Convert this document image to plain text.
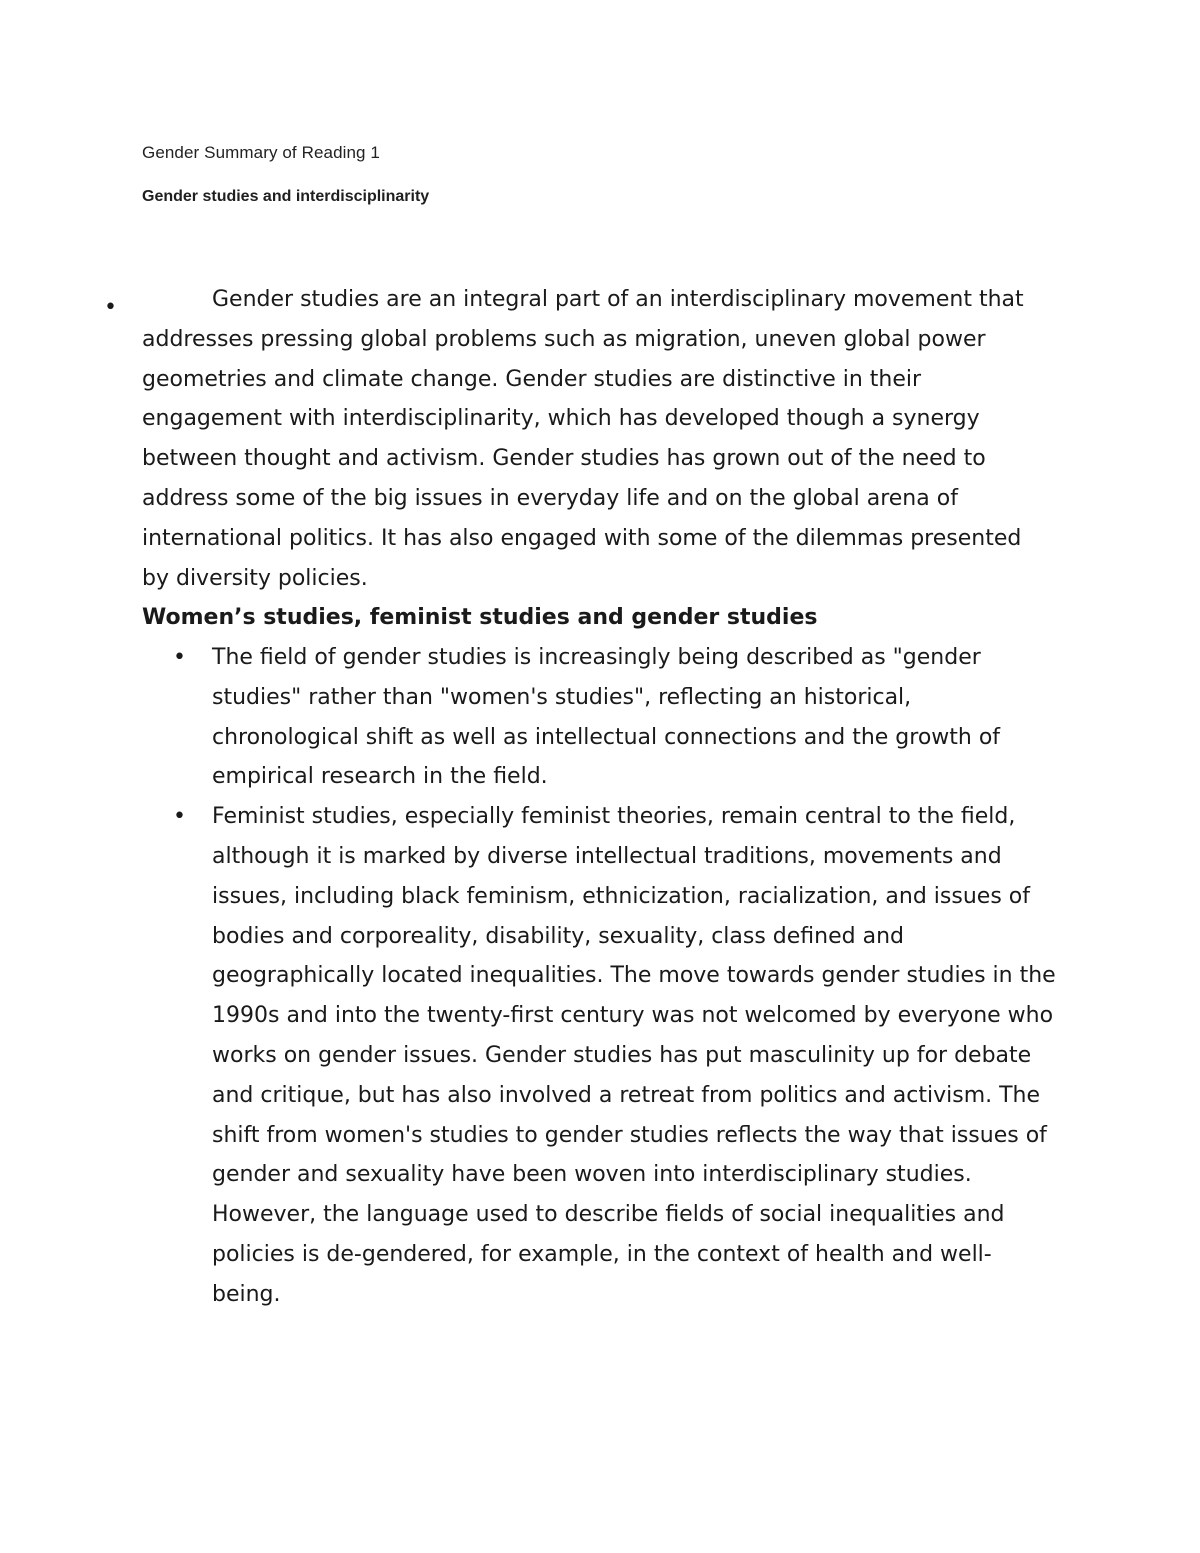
Gender Summary of Reading 1
Gender studies and interdisciplinarity
•	Gender studies are an integral part of an interdisciplinary movement that addresses pressing global problems such as migration, uneven global power geometries and climate change. Gender studies are distinctive in their engagement with interdisciplinarity, which has developed though a synergy between thought and activism. Gender studies has grown out of the need to address some of the big issues in everyday life and on the global arena of international politics. It has also engaged with some of the dilemmas presented by diversity policies.

Women’s studies, feminist studies and gender studies
• The field of gender studies is increasingly being described as "gender studies" rather than "women's studies", reflecting an historical, chronological shift as well as intellectual connections and the growth of empirical research in the field.
• Feminist studies, especially feminist theories, remain central to the field, although it is marked by diverse intellectual traditions, movements and issues, including black feminism, ethnicization, racialization, and issues of bodies and corporeality, disability, sexuality, class defined and geographically located inequalities. The move towards gender studies in the 1990s and into the twenty-first century was not welcomed by everyone who works on gender issues. Gender studies has put masculinity up for debate and critique, but has also involved a retreat from politics and activism. The shift from women's studies to gender studies reflects the way that issues of gender and sexuality have been woven into interdisciplinary studies. However, the language used to describe fields of social inequalities and policies is de-gendered, for example, in the context of health and well-being.
